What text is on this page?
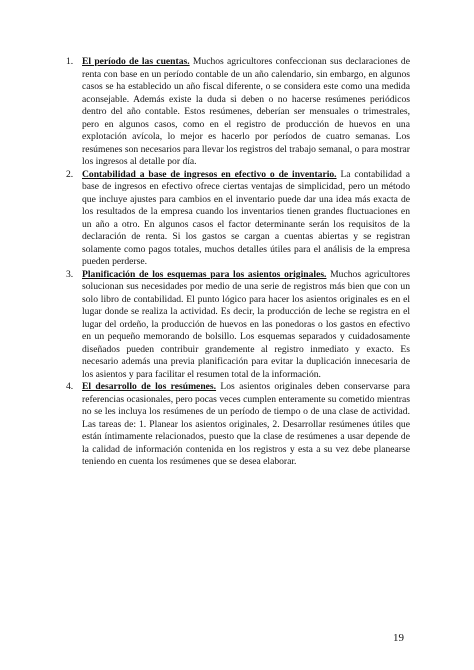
1. El período de las cuentas. Muchos agricultores confeccionan sus declaraciones de renta con base en un período contable de un año calendario, sin embargo, en algunos casos se ha establecido un año fiscal diferente, o se considera este como una medida aconsejable. Además existe la duda si deben o no hacerse resúmenes periódicos dentro del año contable. Estos resúmenes, deberían ser mensuales o trimestrales, pero en algunos casos, como en el registro de producción de huevos en una explotación avícola, lo mejor es hacerlo por períodos de cuatro semanas. Los resúmenes son necesarios para llevar los registros del trabajo semanal, o para mostrar los ingresos al detalle por día.
2. Contabilidad a base de ingresos en efectivo o de inventario. La contabilidad a base de ingresos en efectivo ofrece ciertas ventajas de simplicidad, pero un método que incluye ajustes para cambios en el inventario puede dar una idea más exacta de los resultados de la empresa cuando los inventarios tienen grandes fluctuaciones en un año a otro. En algunos casos el factor determinante serán los requisitos de la declaración de renta. Si los gastos se cargan a cuentas abiertas y se registran solamente como pagos totales, muchos detalles útiles para el análisis de la empresa pueden perderse.
3. Planificación de los esquemas para los asientos originales. Muchos agricultores solucionan sus necesidades por medio de una serie de registros más bien que con un solo libro de contabilidad. El punto lógico para hacer los asientos originales es en el lugar donde se realiza la actividad. Es decir, la producción de leche se registra en el lugar del ordeño, la producción de huevos en las ponedoras o los gastos en efectivo en un pequeño memorando de bolsillo. Los esquemas separados y cuidadosamente diseñados pueden contribuir grandemente al registro inmediato y exacto. Es necesario además una previa planificación para evitar la duplicación innecesaria de los asientos y para facilitar el resumen total de la información.
4. El desarrollo de los resúmenes. Los asientos originales deben conservarse para referencias ocasionales, pero pocas veces cumplen enteramente su cometido mientras no se les incluya los resúmenes de un período de tiempo o de una clase de actividad. Las tareas de: 1. Planear los asientos originales, 2. Desarrollar resúmenes útiles que están íntimamente relacionados, puesto que la clase de resúmenes a usar depende de la calidad de información contenida en los registros y esta a su vez debe planearse teniendo en cuenta los resúmenes que se desea elaborar.
19
